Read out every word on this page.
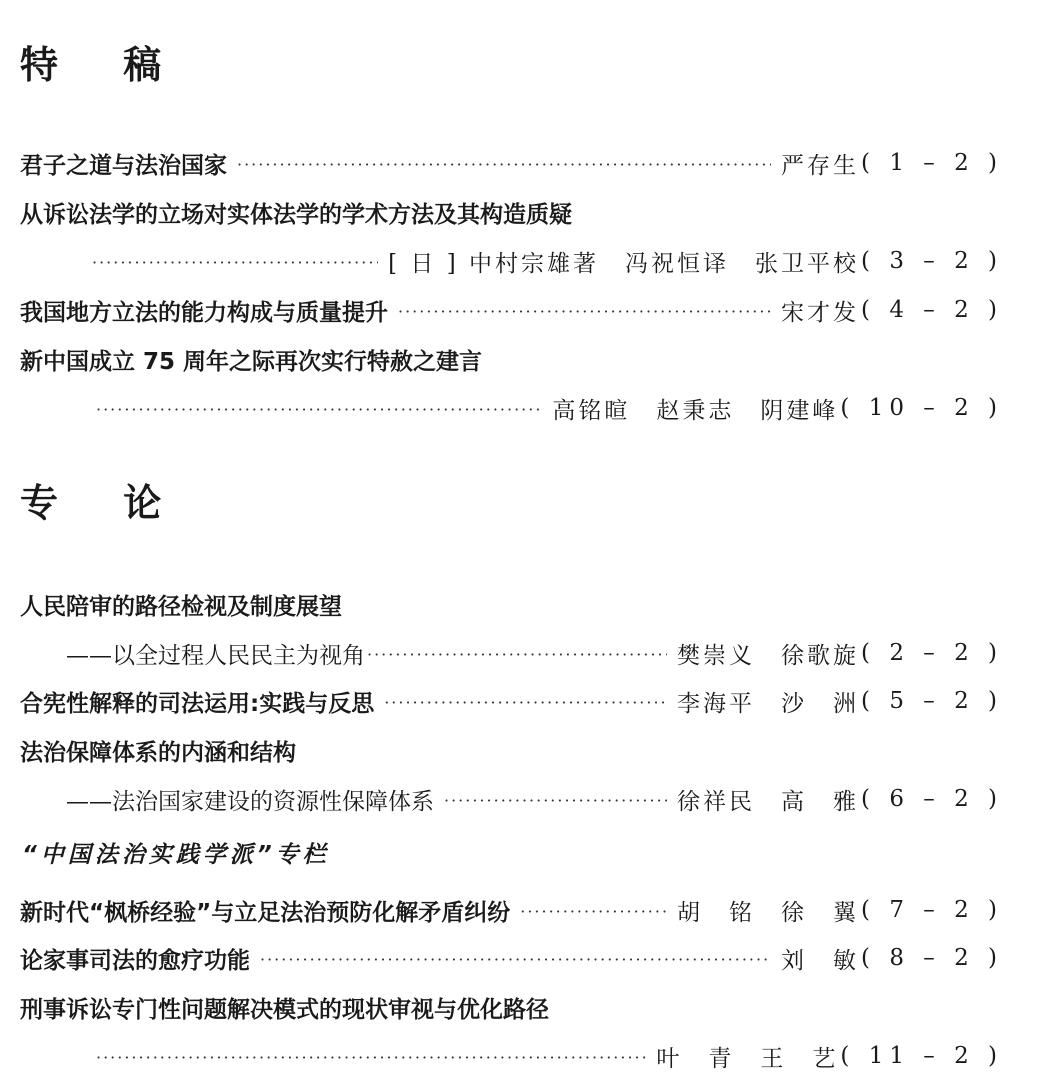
特 稿
君子之道与法治国家 ·····	严存生 ( 1 – 2 )
从诉讼法学的立场对实体法学的学术方法及其构造质疑
·····
[ 日 ] 中村宗雄著　冯祝恒译　张卫平校 ( 3 – 2 )
我国地方立法的能力构成与质量提升 ·····	宋才发 ( 4 – 2 )
新中国成立 75 周年之际再次实行特赦之建言
·····
高铭暄　赵秉志　阴建峰 ( 10 – 2 )
专 论
人民陪审的路径检视及制度展望
——以全过程人民民主为视角 ·····	樊崇义　徐歌旋 ( 2 – 2 )
合宪性解释的司法运用:实践与反思 ·····	李海平　沙　洲 ( 5 – 2 )
法治保障体系的内涵和结构
——法治国家建设的资源性保障体系 ·····	徐祥民　高　雅 ( 6 – 2 )
“中国法治实践学派”专栏
新时代“枫桥经验”与立足法治预防化解矛盾纠纷 ·····	胡　铭　徐　翼 ( 7 – 2 )
论家事司法的愈疗功能 ·····	刘　敏 ( 8 – 2 )
刑事诉讼专门性问题解决模式的现状审视与优化路径
·····
叶　青　王　艺 ( 11 – 2 )
